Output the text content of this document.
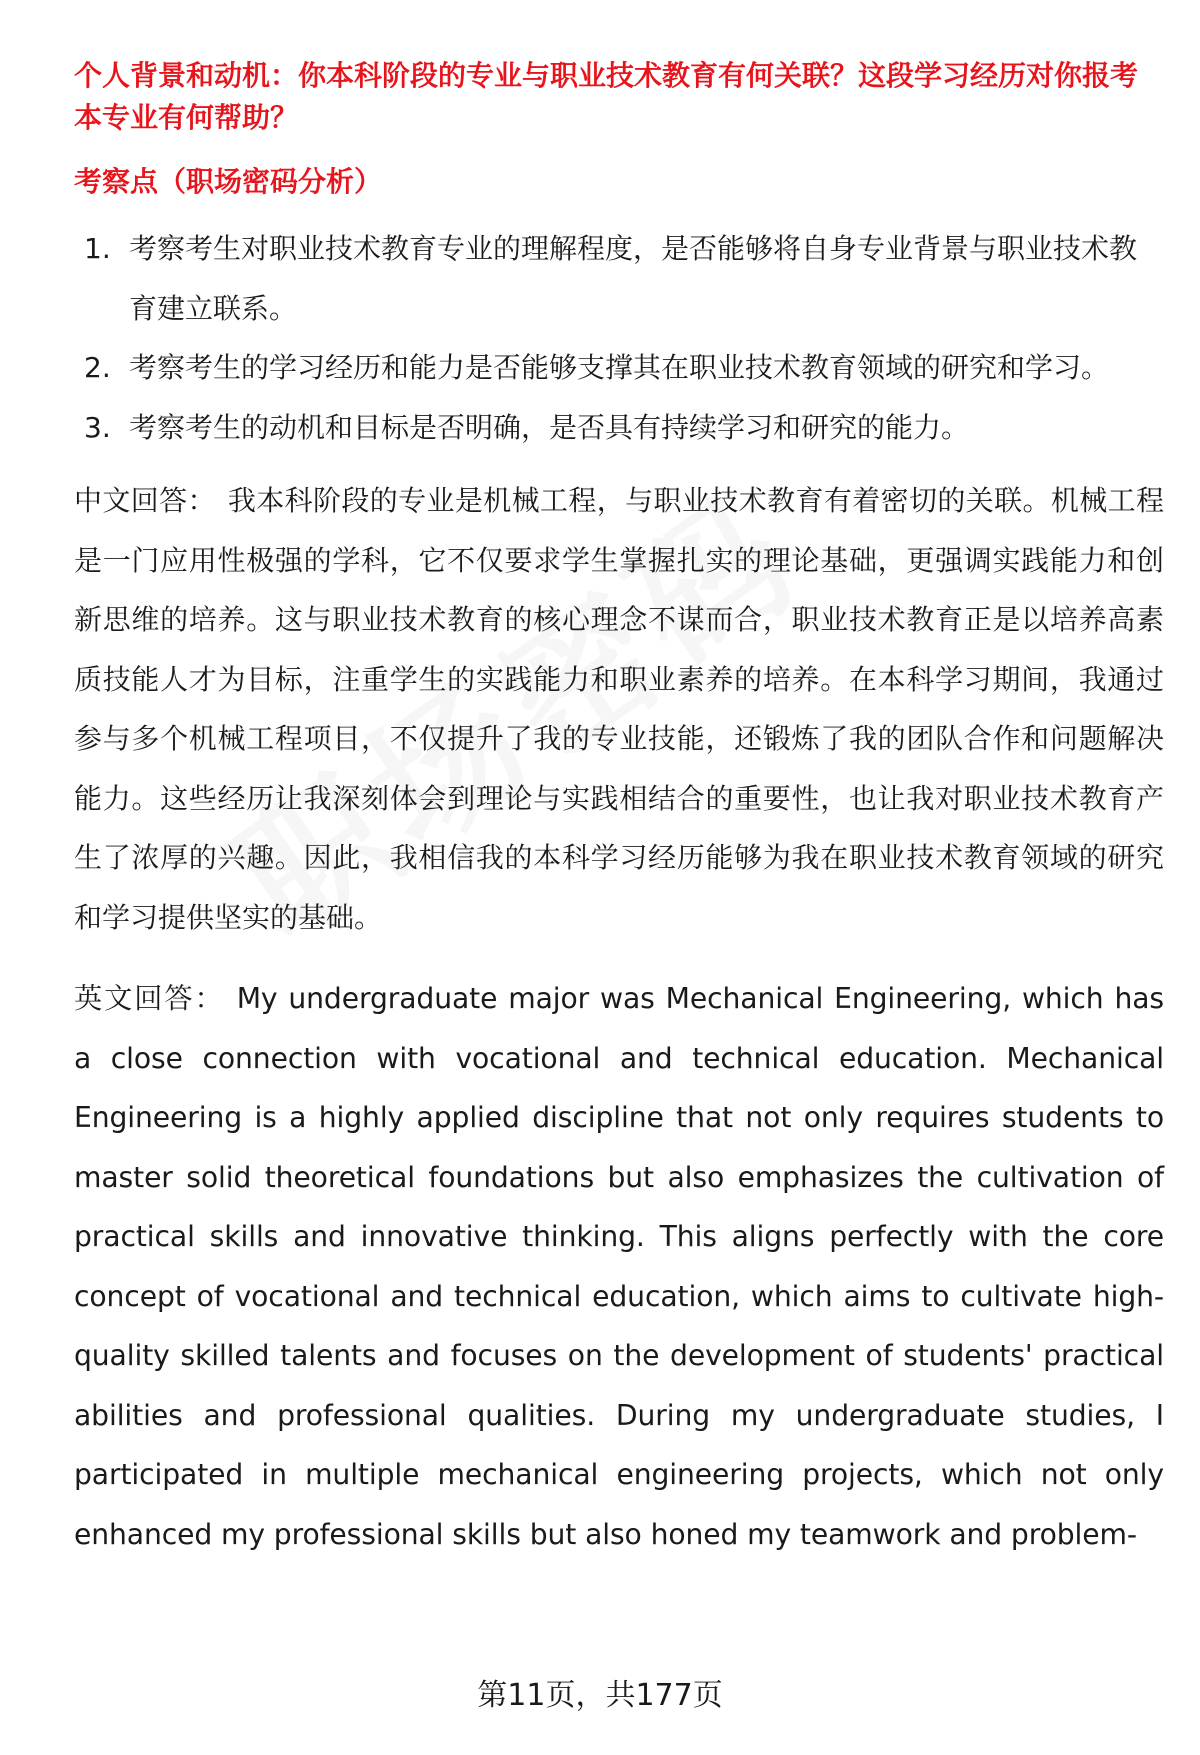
个人背景和动机：你本科阶段的专业与职业技术教育有何关联？这段学习经历对你报考本专业有何帮助？

考察点（职场密码分析）

1. 考察考生对职业技术教育专业的理解程度，是否能够将自身专业背景与职业技术教育建立联系。
2. 考察考生的学习经历和能力是否能够支撑其在职业技术教育领域的研究和学习。
3. 考察考生的动机和目标是否明确，是否具有持续学习和研究的能力。

中文回答： 我本科阶段的专业是机械工程，与职业技术教育有着密切的关联。机械工程是一门应用性极强的学科，它不仅要求学生掌握扎实的理论基础，更强调实践能力和创新思维的培养。这与职业技术教育的核心理念不谋而合，职业技术教育正是以培养高素质技能人才为目标，注重学生的实践能力和职业素养的培养。在本科学习期间，我通过参与多个机械工程项目，不仅提升了我的专业技能，还锻炼了我的团队合作和问题解决能力。这些经历让我深刻体会到理论与实践相结合的重要性，也让我对职业技术教育产生了浓厚的兴趣。因此，我相信我的本科学习经历能够为我在职业技术教育领域的研究和学习提供坚实的基础。

英文回答： My undergraduate major was Mechanical Engineering, which has a close connection with vocational and technical education. Mechanical Engineering is a highly applied discipline that not only requires students to master solid theoretical foundations but also emphasizes the cultivation of practical skills and innovative thinking. This aligns perfectly with the core concept of vocational and technical education, which aims to cultivate high-quality skilled talents and focuses on the development of students' practical abilities and professional qualities. During my undergraduate studies, I participated in multiple mechanical engineering projects, which not only enhanced my professional skills but also honed my teamwork and problem-

第11页，共177页
